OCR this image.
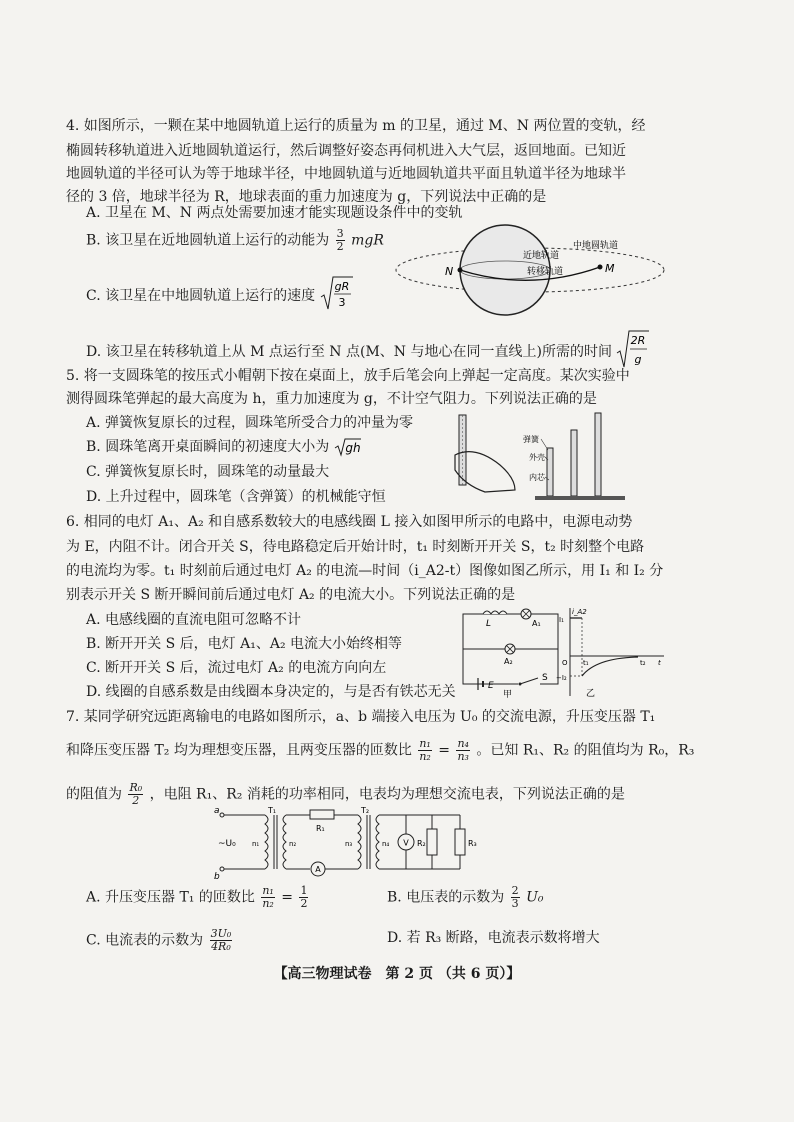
4. 如图所示，一颗在某中地圆轨道上运行的质量为 m 的卫星，通过 M、N 两位置的变轨，经
椭圆转移轨道进入近地圆轨道运行，然后调整好姿态再伺机进入大气层，返回地面。已知近
地圆轨道的半径可认为等于地球半径，中地圆轨道与近地圆轨道共平面且轨道半径为地球半
径的 3 倍，地球半径为 R，地球表面的重力加速度为 g，下列说法中正确的是
A. 卫星在 M、N 两点处需要加速才能实现题设条件中的变轨
B. 该卫星在近地圆轨道上运行的动能为 $\frac{3}{2}$ mgR
C. 该卫星在中地圆轨道上运行的速度
gR
3
D. 该卫星在转移轨道上从 M 点运行至 N 点(M、N 与地心在同一直线上)所需的时间
2R
g
N	M
中地圆轨道
近地轨道
转移轨道
5. 将一支圆珠笔的按压式小帽朝下按在桌面上，放手后笔会向上弹起一定高度。某次实验中
测得圆珠笔弹起的最大高度为 h，重力加速度为 g，不计空气阻力。下列说法正确的是
A. 弹簧恢复原长的过程，圆珠笔所受合力的冲量为零
B. 圆珠笔离开桌面瞬间的初速度大小为 gh
C. 弹簧恢复原长时，圆珠笔的动量最大
D. 上升过程中，圆珠笔（含弹簧）的机械能守恒
弹簧
外壳
内芯
6. 相同的电灯 A₁、A₂ 和自感系数较大的电感线圈 L 接入如图甲所示的电路中，电源电动势
为 E，内阻不计。闭合开关 S，待电路稳定后开始计时，t₁ 时刻断开开关 S，t₂ 时刻整个电路
的电流均为零。t₁ 时刻前后通过电灯 A₂ 的电流—时间（i_A2-t）图像如图乙所示，用 I₁ 和 I₂ 分
别表示开关 S 断开瞬间前后通过电灯 A₂ 的电流大小。下列说法正确的是
A. 电感线圈的直流电阻可忽略不计
B. 断开开关 S 后，电灯 A₁、A₂ 电流大小始终相等
C. 断开开关 S 后，流过电灯 A₂ 的电流方向向左
D. 线圈的自感系数是由线圈本身决定的，与是否有铁芯无关
L	A₁
A₂
E
S
甲
i_A2
I₁
−I₂
O t₁	t₂ t
乙
7. 某同学研究远距离输电的电路如图所示，a、b 端接入电压为 U₀ 的交流电源，升压变压器 T₁
和降压变压器 T₂ 均为理想变压器，且两变压器的匝数比 $\frac{\text{n₁}}{\text{n₂}} = \frac{\text{n₄}}{\text{n₃}}$ 。已知 R₁、R₂ 的阻值均为 R₀，R₃
的阻值为 $\frac{\text{R₀}}{2}$ ，电阻 R₁、R₂ 消耗的功率相同，电表均为理想交流电表，下列说法正确的是
a
b
~U₀
T₁	T₂
R₁
R₂	R₃
n₁	n₂	n₃	n₄ V
A
A. 升压变压器 T₁ 的匝数比 $\frac{\text{n₁}}{\text{n₂}} = \frac{1}{2}$	B. 电压表的示数为 $\frac{2}{3} U_0$
C. 电流表的示数为 $\frac{\text{3U₀}}{\text{4R₀}}$	D. 若 R₃ 断路，电流表示数将增大
【高三物理试卷　第 2 页 （共 6 页）】
